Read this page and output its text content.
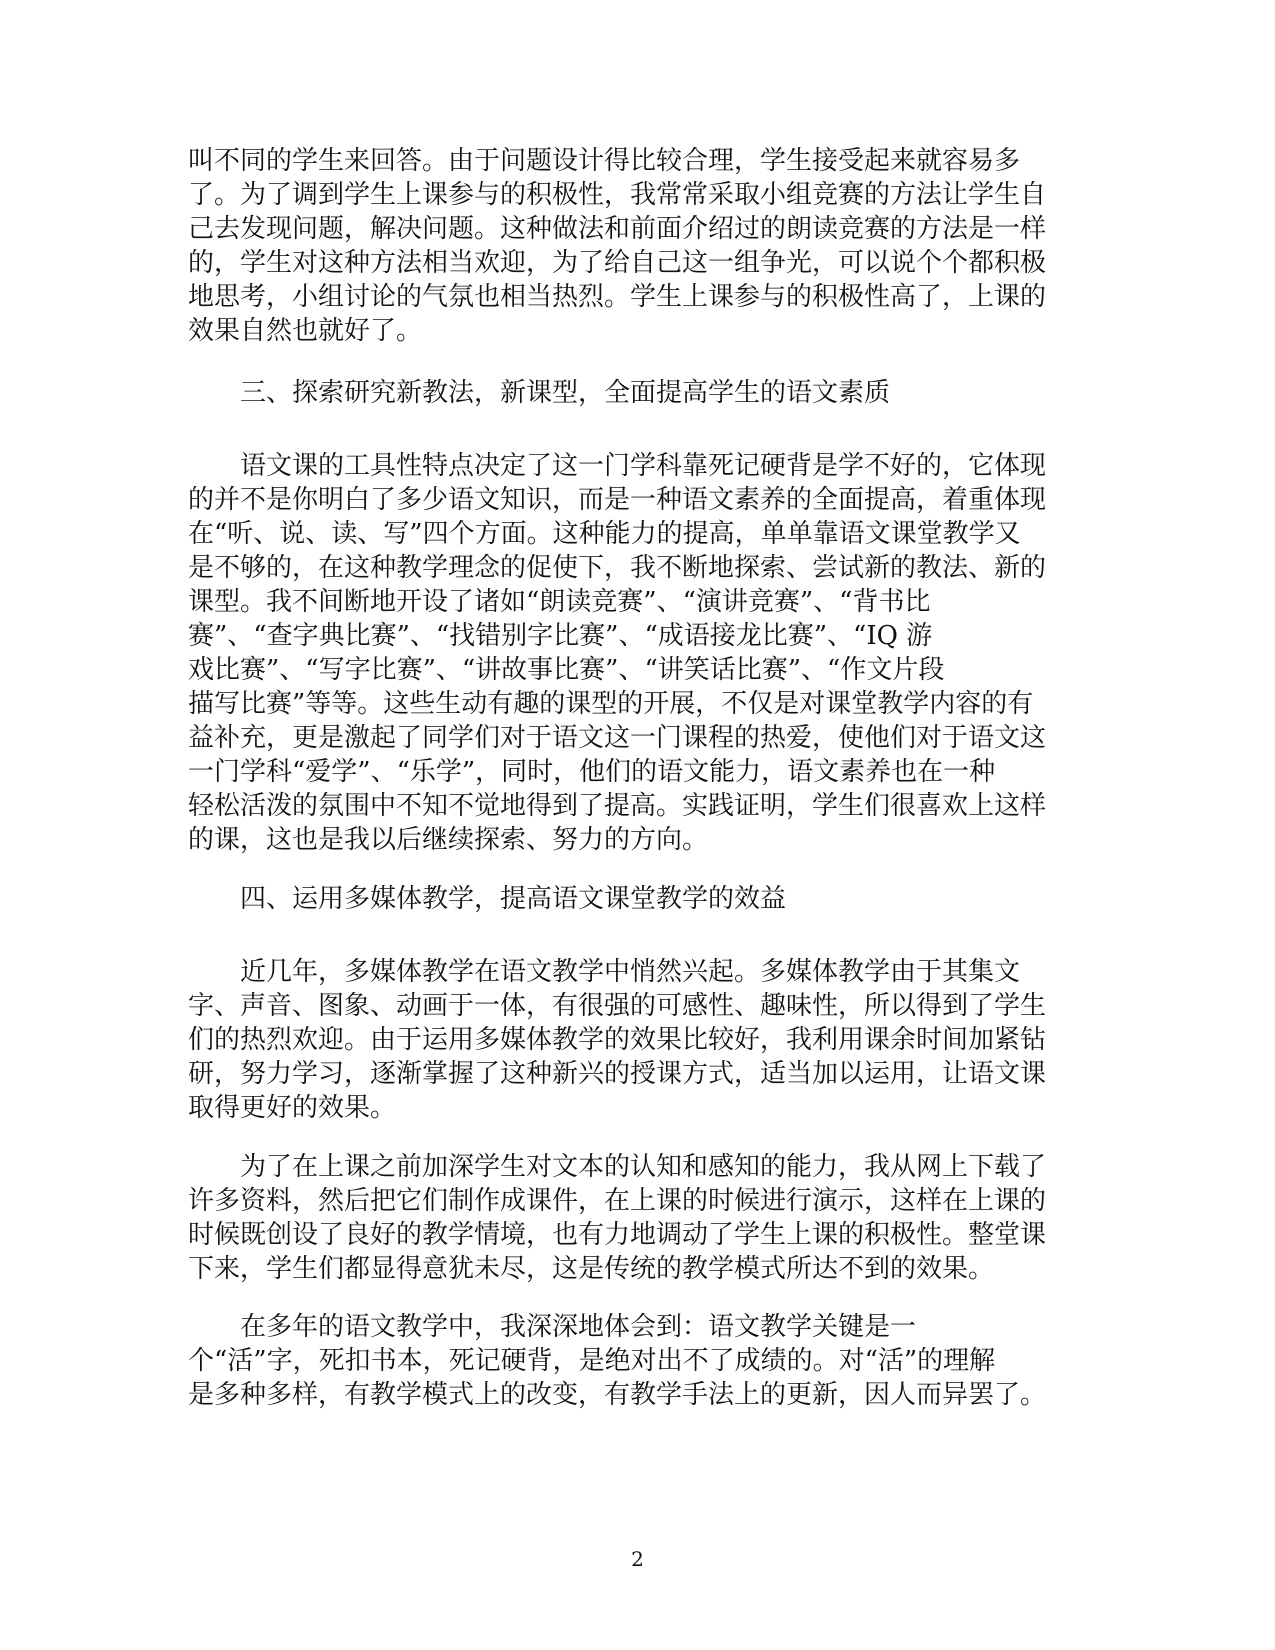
叫不同的学生来回答。由于问题设计得比较合理，学生接受起来就容易多
了。为了调到学生上课参与的积极性，我常常采取小组竞赛的方法让学生自
己去发现问题，解决问题。这种做法和前面介绍过的朗读竞赛的方法是一样
的，学生对这种方法相当欢迎，为了给自己这一组争光，可以说个个都积极
地思考，小组讨论的气氛也相当热烈。学生上课参与的积极性高了，上课的
效果自然也就好了。
三、探索研究新教法，新课型，全面提高学生的语文素质
语文课的工具性特点决定了这一门学科靠死记硬背是学不好的，它体现
的并不是你明白了多少语文知识，而是一种语文素养的全面提高，着重体现
在“听、说、读、写”四个方面。这种能力的提高，单单靠语文课堂教学又
是不够的，在这种教学理念的促使下，我不断地探索、尝试新的教法、新的
课型。我不间断地开设了诸如“朗读竞赛”、“演讲竞赛”、“背书比
赛”、“查字典比赛”、“找错别字比赛”、“成语接龙比赛”、“IQ 游
戏比赛”、“写字比赛”、“讲故事比赛”、“讲笑话比赛”、“作文片段
描写比赛”等等。这些生动有趣的课型的开展，不仅是对课堂教学内容的有
益补充，更是激起了同学们对于语文这一门课程的热爱，使他们对于语文这
一门学科“爱学”、“乐学”，同时，他们的语文能力，语文素养也在一种
轻松活泼的氛围中不知不觉地得到了提高。实践证明，学生们很喜欢上这样
的课，这也是我以后继续探索、努力的方向。
四、运用多媒体教学，提高语文课堂教学的效益
近几年，多媒体教学在语文教学中悄然兴起。多媒体教学由于其集文
字、声音、图象、动画于一体，有很强的可感性、趣味性，所以得到了学生
们的热烈欢迎。由于运用多媒体教学的效果比较好，我利用课余时间加紧钻
研，努力学习，逐渐掌握了这种新兴的授课方式，适当加以运用，让语文课
取得更好的效果。
为了在上课之前加深学生对文本的认知和感知的能力，我从网上下载了
许多资料，然后把它们制作成课件，在上课的时候进行演示，这样在上课的
时候既创设了良好的教学情境，也有力地调动了学生上课的积极性。整堂课
下来，学生们都显得意犹未尽，这是传统的教学模式所达不到的效果。
在多年的语文教学中，我深深地体会到：语文教学关键是一
个“活”字，死扣书本，死记硬背，是绝对出不了成绩的。对“活”的理解
是多种多样，有教学模式上的改变，有教学手法上的更新，因人而异罢了。
2
